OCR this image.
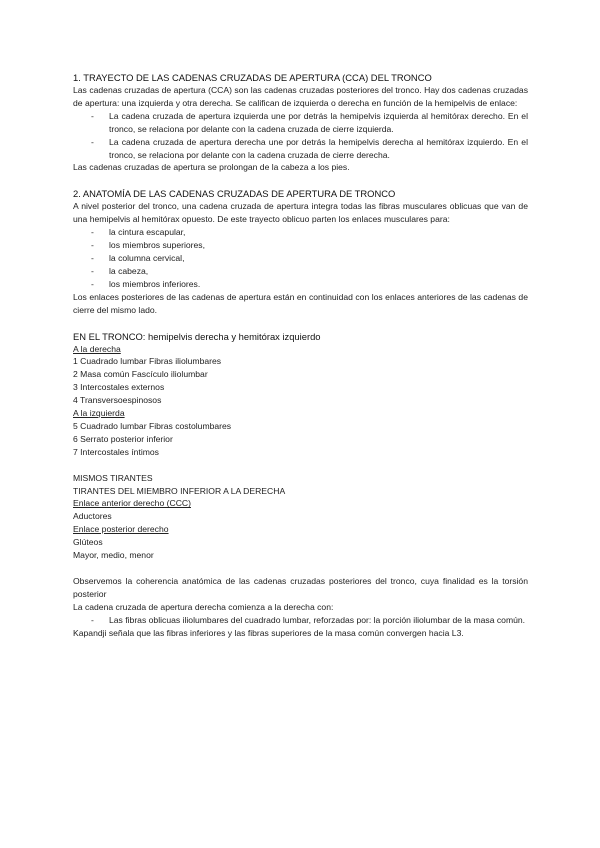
1. TRAYECTO DE LAS CADENAS CRUZADAS DE APERTURA (CCA) DEL TRONCO

Las cadenas cruzadas de apertura (CCA) son las cadenas cruzadas posteriores del tronco. Hay dos cadenas cruzadas de apertura: una izquierda y otra derecha. Se califican de izquierda o derecha en función de la hemipelvis de enlace:

- La cadena cruzada de apertura izquierda une por detrás la hemipelvis izquierda al hemitórax derecho. En el tronco, se relaciona por delante con la cadena cruzada de cierre izquierda.
- La cadena cruzada de apertura derecha une por detrás la hemipelvis derecha al hemitórax izquierdo. En el tronco, se relaciona por delante con la cadena cruzada de cierre derecha.

Las cadenas cruzadas de apertura se prolongan de la cabeza a los pies.

2. ANATOMÍA DE LAS CADENAS CRUZADAS DE APERTURA DE TRONCO

A nivel posterior del tronco, una cadena cruzada de apertura integra todas las fibras musculares oblicuas que van de una hemipelvis al hemitórax opuesto. De este trayecto oblicuo parten los enlaces musculares para:

- la cintura escapular,
- los miembros superiores,
- la columna cervical,
- la cabeza,
- los miembros inferiores.

Los enlaces posteriores de las cadenas de apertura están en continuidad con los enlaces anteriores de las cadenas de cierre del mismo lado.

EN EL TRONCO: hemipelvis derecha y hemitórax izquierdo
A la derecha
1 Cuadrado lumbar Fibras iliolumbares
2 Masa común Fascículo iliolumbar
3 Intercostales externos
4 Transversoespinosos
A la izquierda
5 Cuadrado lumbar Fibras costolumbares
6 Serrato posterior inferior
7 Intercostales íntimos
MISMOS TIRANTES
TIRANTES DEL MIEMBRO INFERIOR A LA DERECHA
Enlace anterior derecho (CCC)
Aductores
Enlace posterior derecho
Glúteos
Mayor, medio, menor

Observemos la coherencia anatómica de las cadenas cruzadas posteriores del tronco, cuya finalidad es la torsión posterior

La cadena cruzada de apertura derecha comienza a la derecha con:

- Las fibras oblicuas iliolumbares del cuadrado lumbar, reforzadas por: la porción iliolumbar de la masa común.

Kapandji señala que las fibras inferiores y las fibras superiores de la masa común convergen hacia L3.
